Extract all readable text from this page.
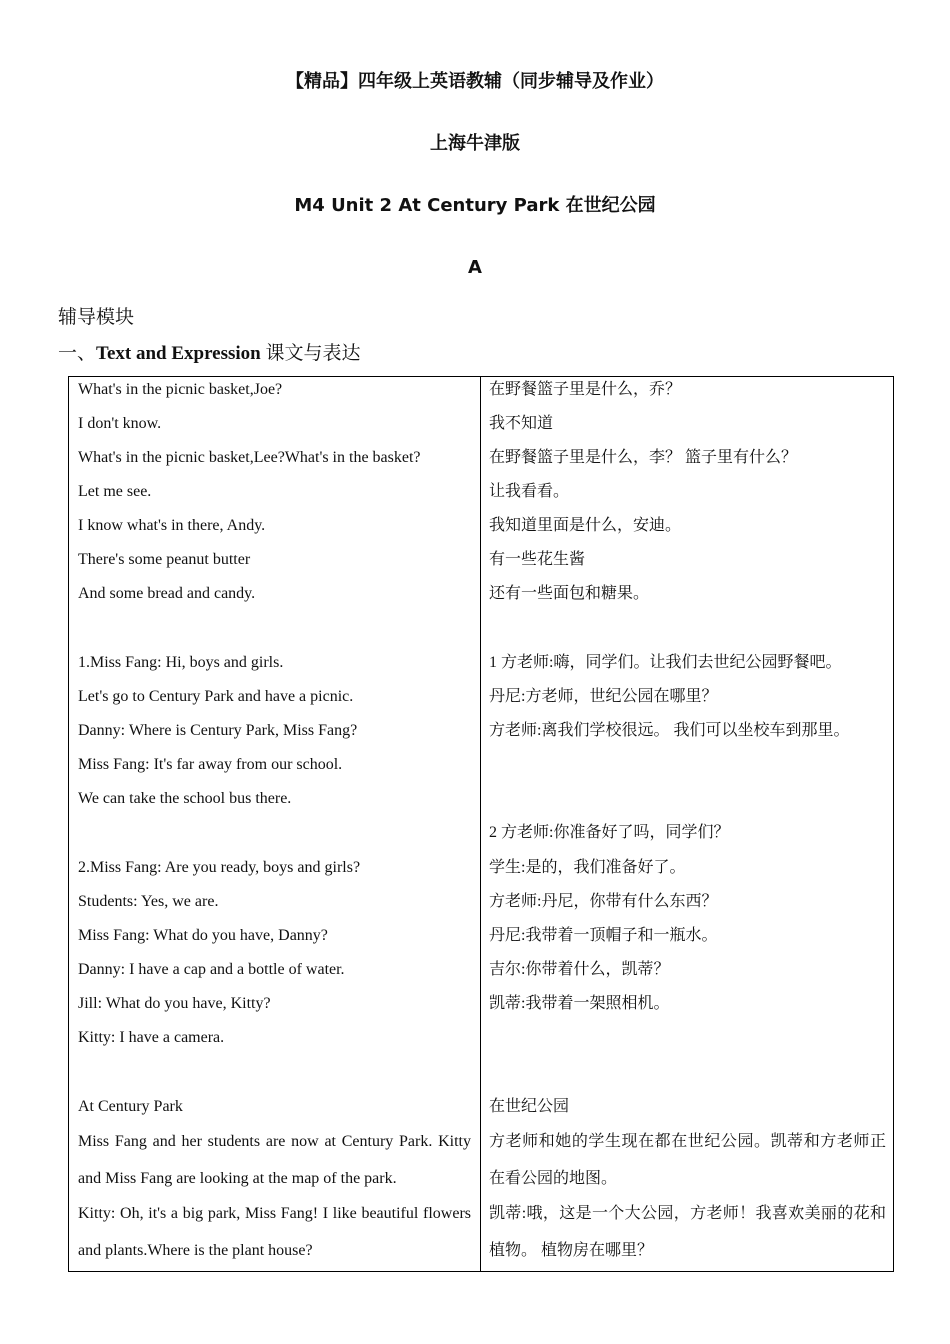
【精品】四年级上英语教辅（同步辅导及作业）
上海牛津版
M4 Unit 2 At Century Park 在世纪公园
A
辅导模块
一、Text and Expression 课文与表达
What's in the picnic basket,Joe?
I don't know.
What's in the picnic basket,Lee?What's in the basket?
Let me see.
I know what's in there, Andy.
There's some peanut butter
And some bread and candy.
1.Miss Fang: Hi, boys and girls.
Let's go to Century Park and have a picnic.
Danny: Where is Century Park, Miss Fang?
Miss Fang: It's far away from our school.
We can take the school bus there.
2.Miss Fang: Are you ready, boys and girls?
Students: Yes, we are.
Miss Fang: What do you have, Danny?
Danny: I have a cap and a bottle of water.
Jill: What do you have, Kitty?
Kitty: I have a camera.
At Century Park
Miss Fang and her students are now at Century Park. Kitty and Miss Fang are looking at the map of the park.
Kitty: Oh, it's a big park, Miss Fang! I like beautiful flowers and plants.Where is the plant house?
在野餐篮子里是什么，乔？
我不知道
在野餐篮子里是什么，李？ 篮子里有什么？
让我看看。
我知道里面是什么，安迪。
有一些花生酱
还有一些面包和糖果。
1 方老师:嗨，同学们。让我们去世纪公园野餐吧。
丹尼:方老师，世纪公园在哪里？
方老师:离我们学校很远。 我们可以坐校车到那里。
2 方老师:你准备好了吗，同学们？
学生:是的，我们准备好了。
方老师:丹尼，你带有什么东西？
丹尼:我带着一顶帽子和一瓶水。
吉尔:你带着什么，凯蒂？
凯蒂:我带着一架照相机。
在世纪公园
方老师和她的学生现在都在世纪公园。凯蒂和方老师正在看公园的地图。
凯蒂:哦，这是一个大公园，方老师！我喜欢美丽的花和植物。 植物房在哪里？
